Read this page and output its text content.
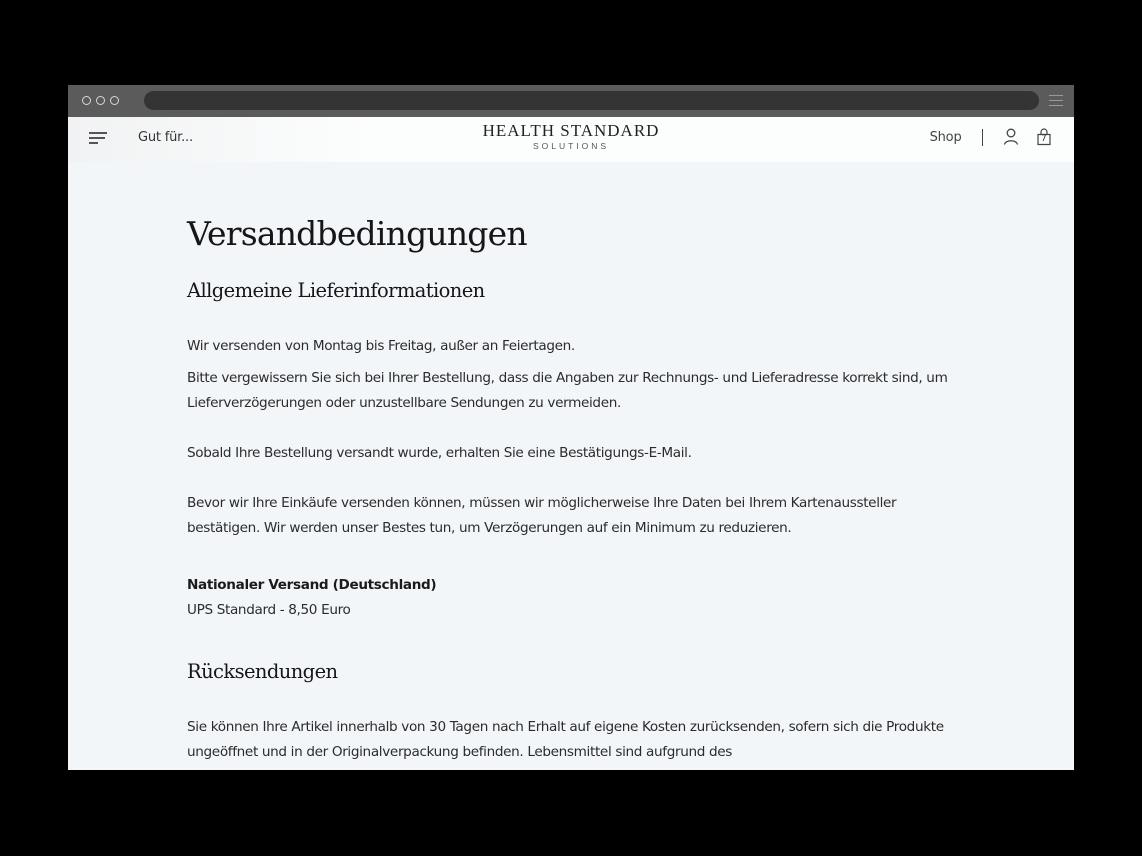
Gut für...	HEALTH STANDARD
SOLUTIONS
Shop	7
Versandbedingungen
Allgemeine Lieferinformationen

Wir versenden von Montag bis Freitag, außer an Feiertagen.

Bitte vergewissern Sie sich bei Ihrer Bestellung, dass die Angaben zur Rechnungs- und Lieferadresse korrekt sind, um Lieferverzögerungen oder unzustellbare Sendungen zu vermeiden.

Sobald Ihre Bestellung versandt wurde, erhalten Sie eine Bestätigungs-E-Mail.

Bevor wir Ihre Einkäufe versenden können, müssen wir möglicherweise Ihre Daten bei Ihrem Kartenaussteller bestätigen. Wir werden unser Bestes tun, um Verzögerungen auf ein Minimum zu reduzieren.

Nationaler Versand (Deutschland)

UPS Standard - 8,50 Euro

Rücksendungen

Sie können Ihre Artikel innerhalb von 30 Tagen nach Erhalt auf eigene Kosten zurücksenden, sofern sich die Produkte ungeöffnet und in der Originalverpackung befinden. Lebensmittel sind aufgrund des
